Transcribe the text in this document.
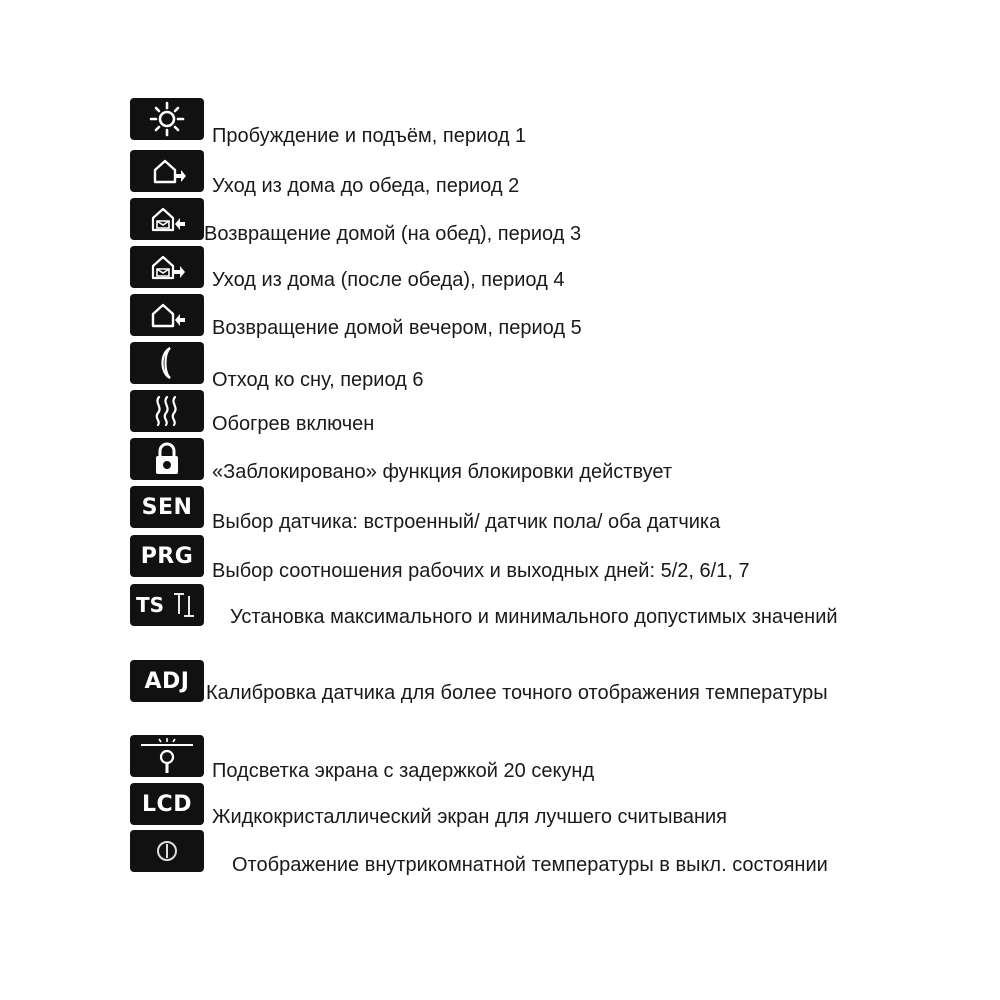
Пробуждение и подъём, период 1
Уход из дома до обеда, период 2
Возвращение домой (на обед), период 3
Уход из дома (после обеда), период 4
Возвращение домой вечером, период 5
Отход ко сну, период 6
Обогрев включен
«Заблокировано» функция блокировки действует
SEN
Выбор датчика: встроенный/ датчик пола/ оба датчика
PRG
Выбор соотношения рабочих и выходных дней: 5/2, 6/1, 7
TS	Установка максимального и минимального допустимых значений
ADJ Калибровка датчика для более точного отображения температуры
Подсветка экрана с задержкой 20 секунд
LCD
Жидкокристаллический экран для лучшего считывания
Отображение внутрикомнатной температуры в выкл. состоянии
